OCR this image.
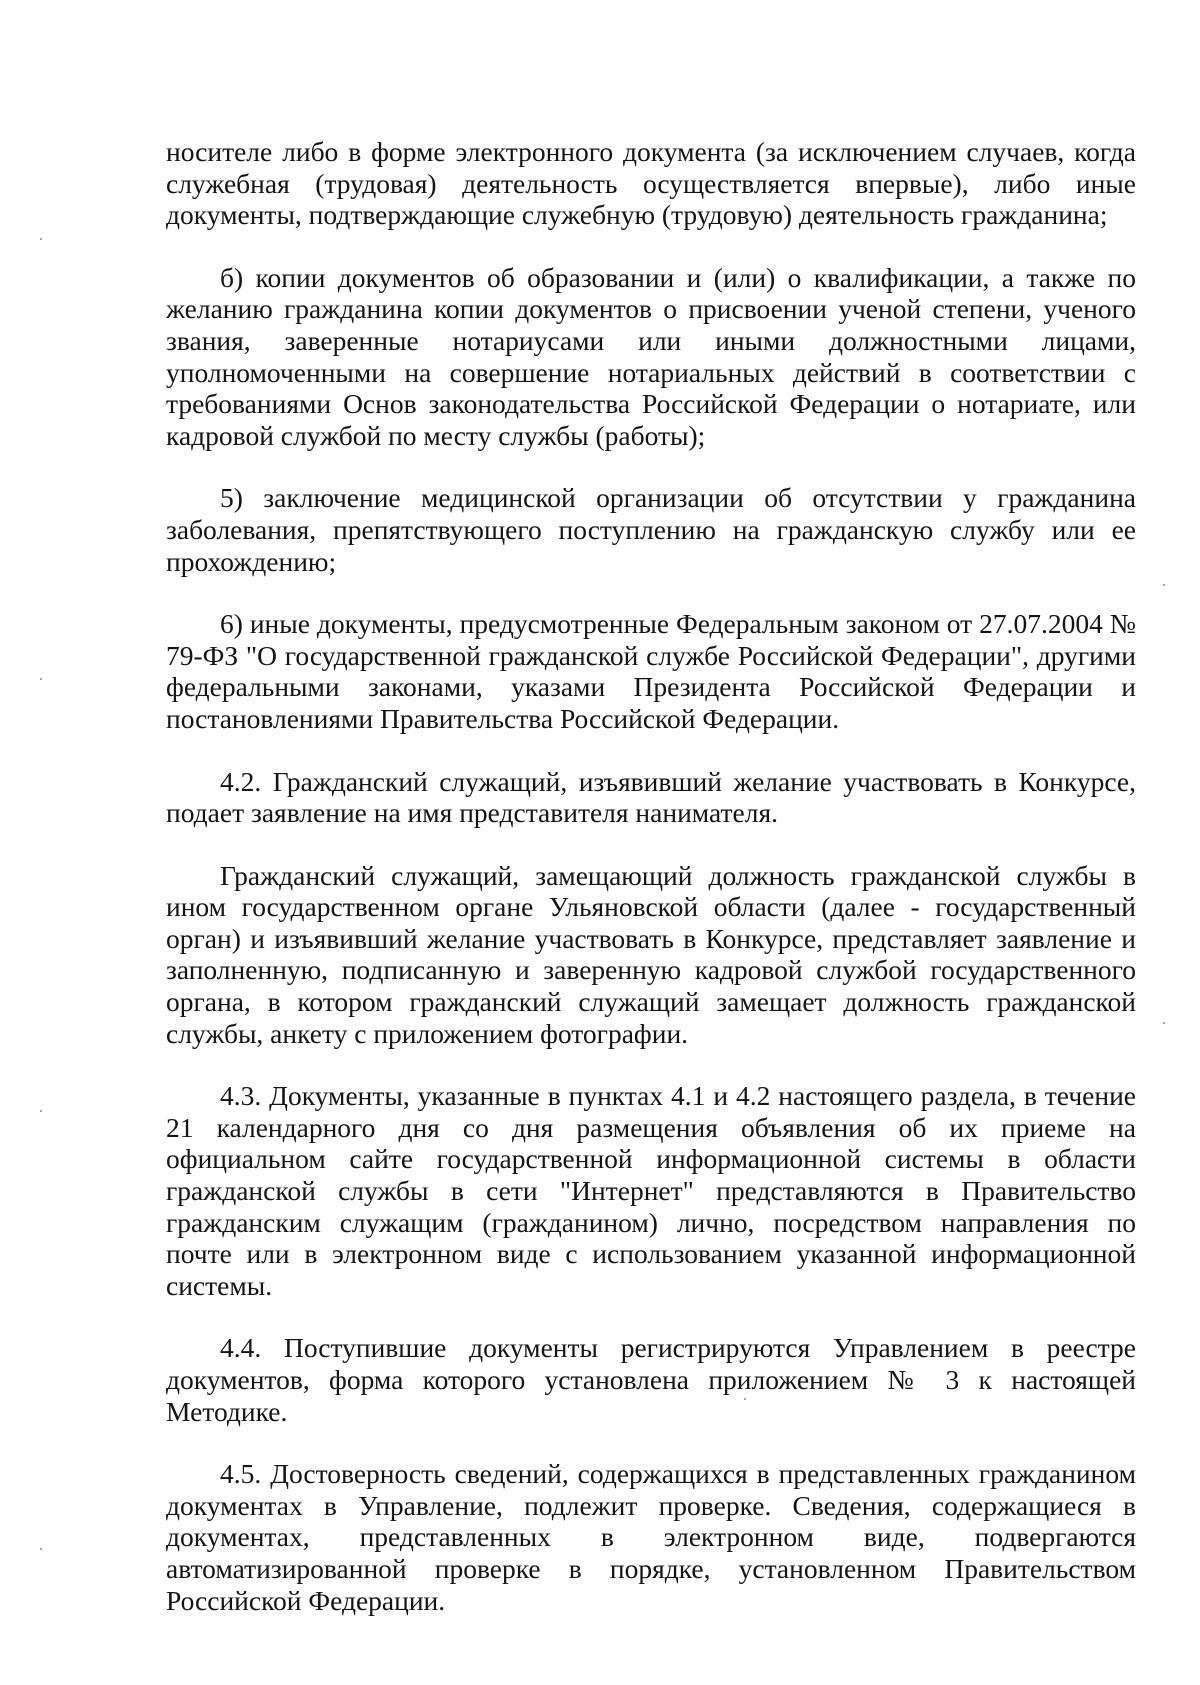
носителе либо в форме электронного документа (за исключением случаев, когда служебная (трудовая) деятельность осуществляется впервые), либо иные документы, подтверждающие служебную (трудовую) деятельность гражданина;

б) копии документов об образовании и (или) о квалификации, а также по желанию гражданина копии документов о присвоении ученой степени, ученого звания, заверенные нотариусами или иными должностными лицами, уполномоченными на совершение нотариальных действий в соответствии с требованиями Основ законодательства Российской Федерации о нотариате, или кадровой службой по месту службы (работы);

5) заключение медицинской организации об отсутствии у гражданина заболевания, препятствующего поступлению на гражданскую службу или ее прохождению;

6) иные документы, предусмотренные Федеральным законом от 27.07.2004 № 79-ФЗ "О государственной гражданской службе Российской Федерации", другими федеральными законами, указами Президента Российской Федерации и постановлениями Правительства Российской Федерации.

4.2. Гражданский служащий, изъявивший желание участвовать в Конкурсе, подает заявление на имя представителя нанимателя.

Гражданский служащий, замещающий должность гражданской службы в ином государственном органе Ульяновской области (далее - государственный орган) и изъявивший желание участвовать в Конкурсе, представляет заявление и заполненную, подписанную и заверенную кадровой службой государственного органа, в котором гражданский служащий замещает должность гражданской службы, анкету с приложением фотографии.

4.3. Документы, указанные в пунктах 4.1 и 4.2 настоящего раздела, в течение 21 календарного дня со дня размещения объявления об их приеме на официальном сайте государственной информационной системы в области гражданской службы в сети "Интернет" представляются в Правительство гражданским служащим (гражданином) лично, посредством направления по почте или в электронном виде с использованием указанной информационной системы.

4.4. Поступившие документы регистрируются Управлением в реестре документов, форма которого установлена приложением № 3 к настоящей Методике.

4.5. Достоверность сведений, содержащихся в представленных гражданином документах в Управление, подлежит проверке. Сведения, содержащиеся в документах, представленных в электронном виде, подвергаются автоматизированной проверке в порядке, установленном Правительством Российской Федерации.
